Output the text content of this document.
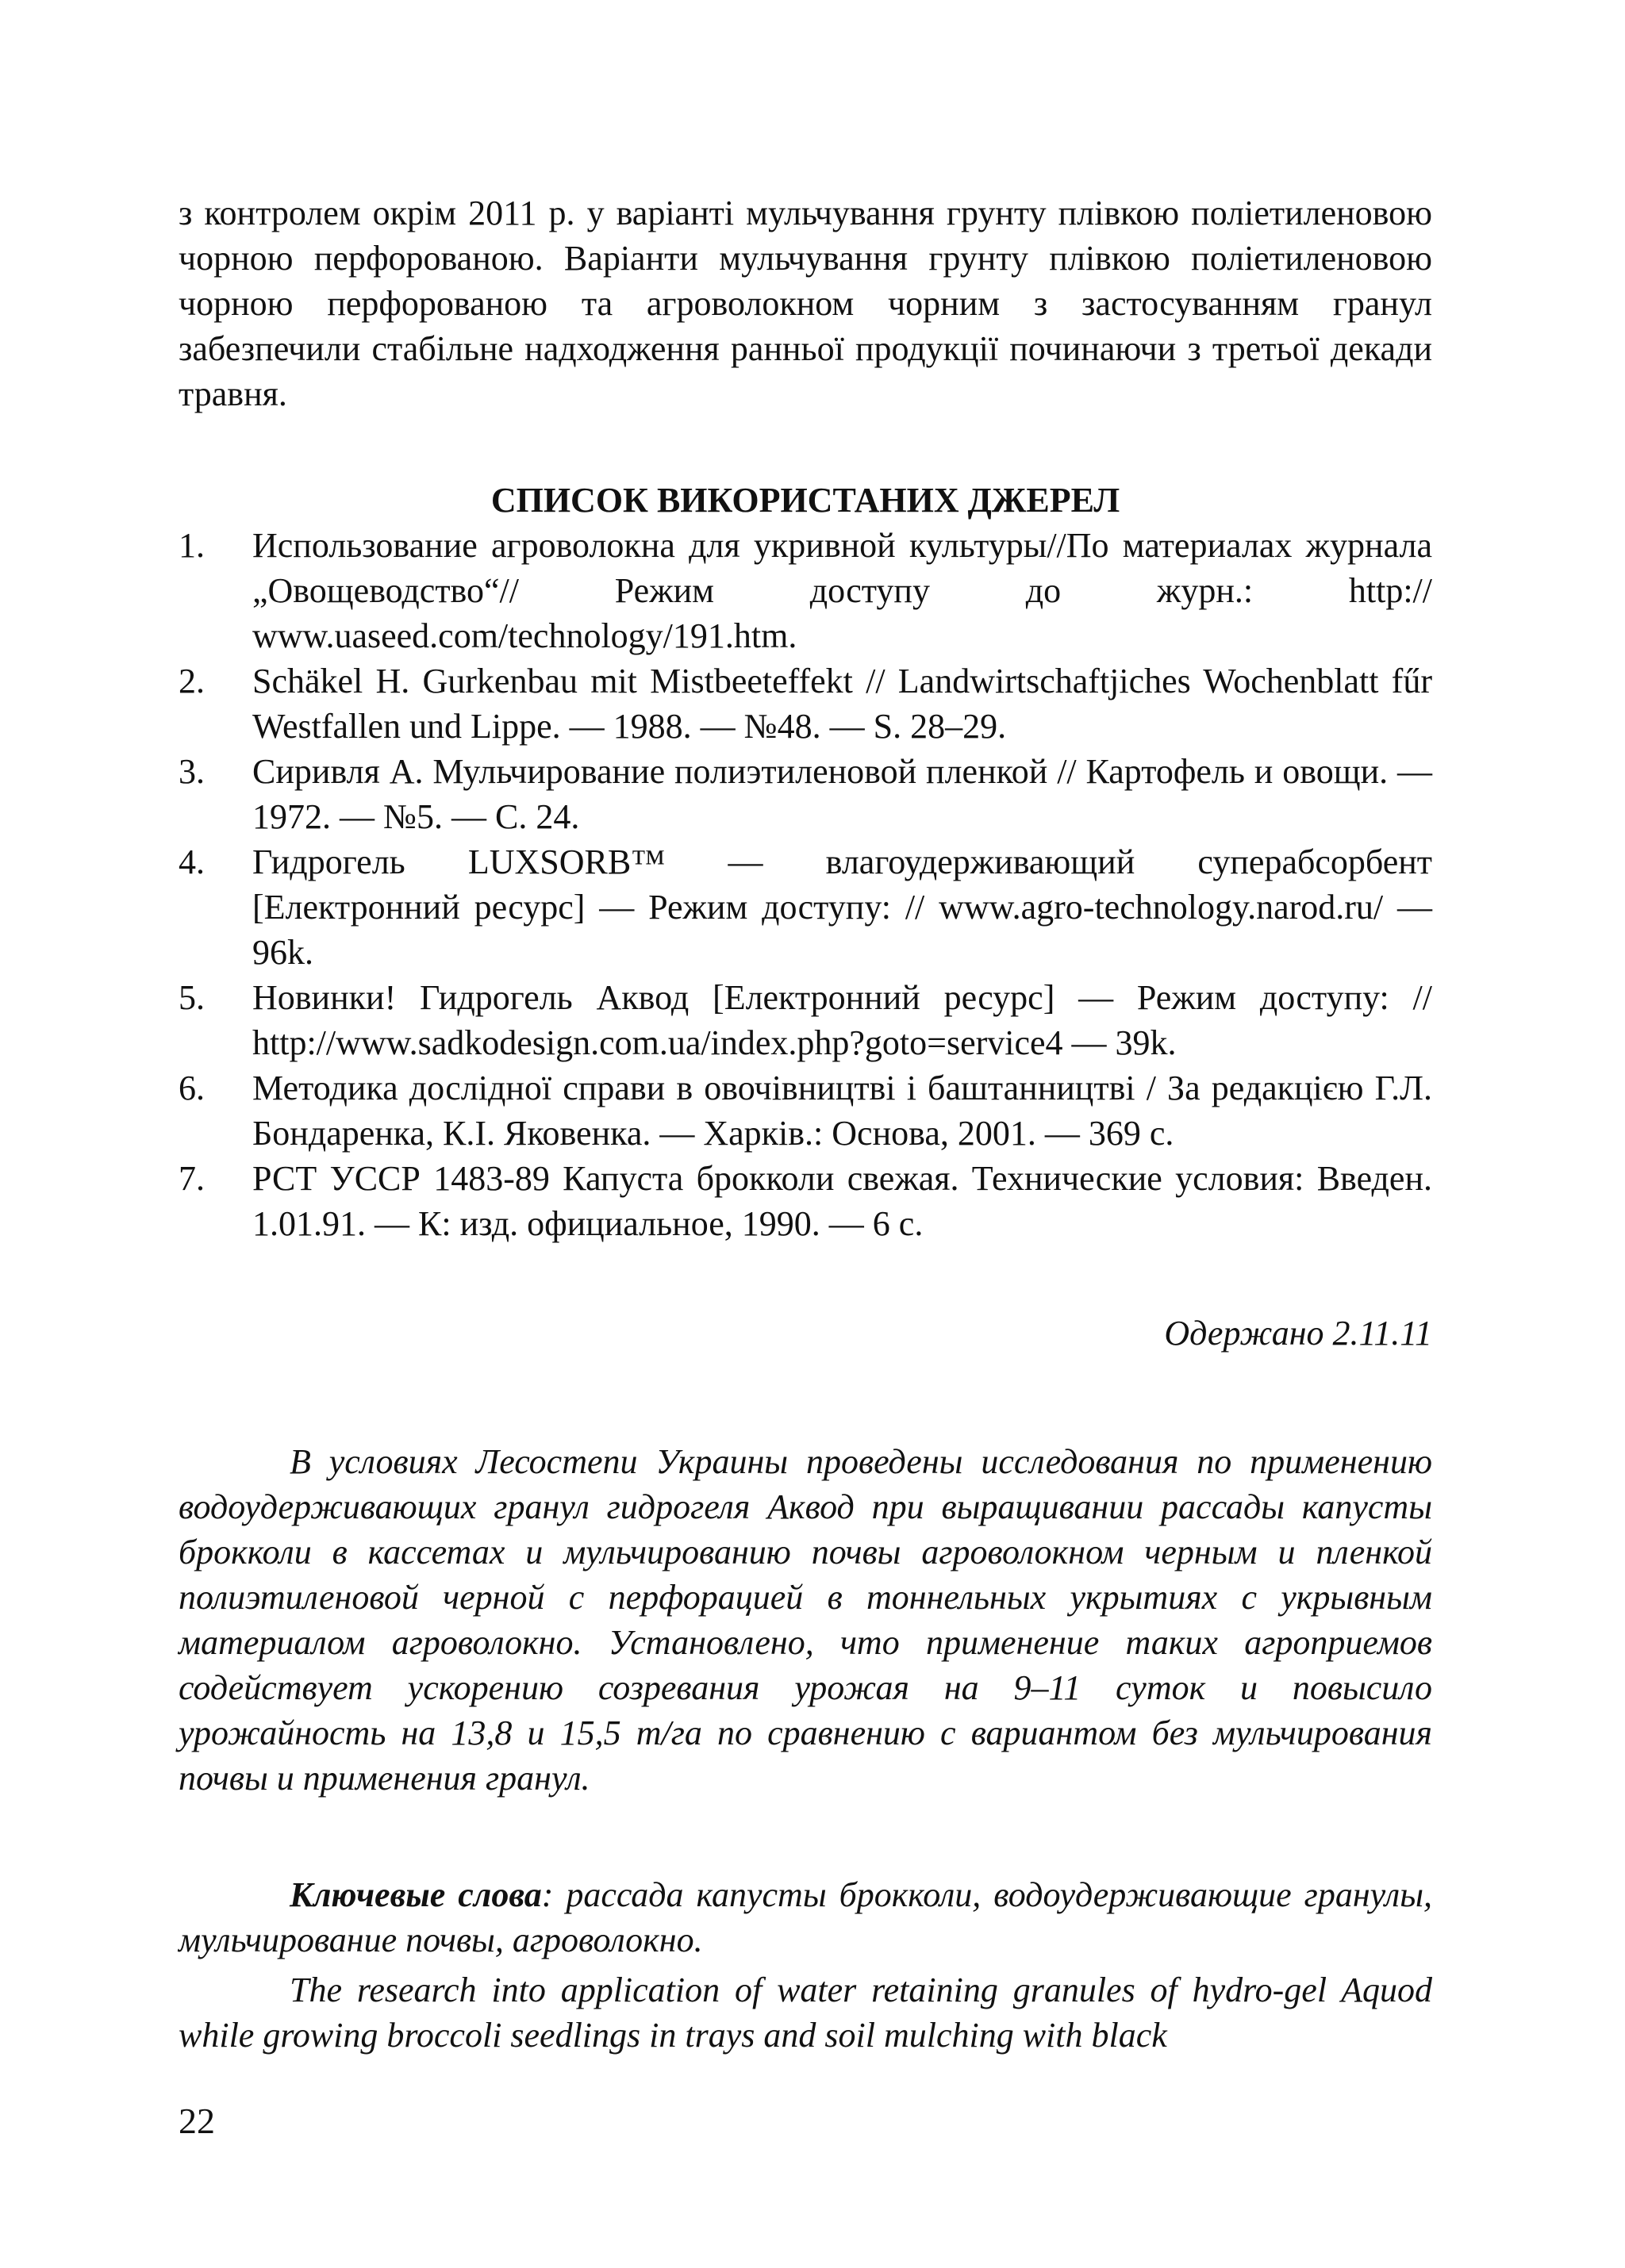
з контролем окрім 2011 р. у варіанті мульчування грунту плівкою поліетиленовою чорною перфорованою. Варіанти мульчування грунту плівкою поліетиленовою чорною перфорованою та агроволокном чорним з застосуванням гранул забезпечили стабільне надходження ранньої продукції починаючи з третьої декади травня.

СПИСОК ВИКОРИСТАНИХ ДЖЕРЕЛ
1. Использование агроволокна для укривной культуры//По материалах журнала „Овощеводство“// Режим доступу до журн.: http:// www.uaseed.com/technology/191.htm.
2. Schäkel H. Gurkenbau mit Mistbeeteffekt // Landwirtschaftjiches Wochenblatt fűr Westfallen und Lippe. — 1988. — №48. — S. 28–29.
3. Сиривля А. Мульчирование полиэтиленовой пленкой // Картофель и овощи. — 1972. — №5. — С. 24.
4. Гидрогель LUXSORB™ — влагоудерживающий суперабсорбент [Електронний ресурс] — Режим доступу: // www.agro-technology.narod.ru/ — 96k.
5. Новинки! Гидрогель Аквод [Електронний ресурс] — Режим доступу: // http://www.sadkodesign.com.ua/index.php?goto=service4 — 39k.
6. Методика дослідної справи в овочівництві і баштанництві / За редакцією Г.Л. Бондаренка, К.І. Яковенка. — Харків.: Основа, 2001. — 369 с.
7. РСТ УССР 1483-89 Капуста брокколи свежая. Технические условия: Введен. 1.01.91. — К: изд. официальное, 1990. — 6 с.

Одержано 2.11.11

В условиях Лесостепи Украины проведены исследования по применению водоудерживающих гранул гидрогеля Аквод при выращивании рассады капусты брокколи в кассетах и мульчированию почвы агроволокном черным и пленкой полиэтиленовой черной с перфорацией в тоннельных укрытиях с укрывным материалом агроволокно. Установлено, что применение таких агроприемов содействует ускорению созревания урожая на 9–11 суток и повысило урожайность на 13,8 и 15,5 т/га по сравнению с вариантом без мульчирования почвы и применения гранул.

Ключевые слова: рассада капусты брокколи, водоудерживающие гранулы, мульчирование почвы, агроволокно.

The research into application of water retaining granules of hydro-gel Aquod while growing broccoli seedlings in trays and soil mulching with black

22
